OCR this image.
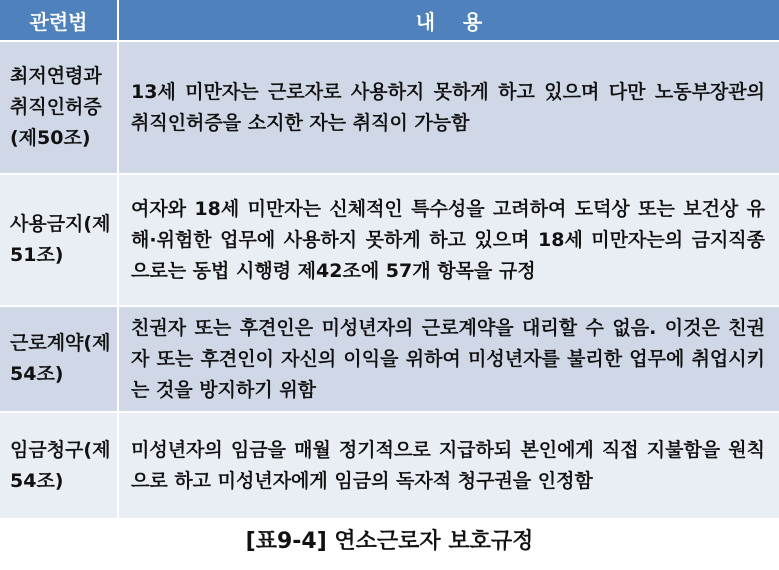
관련법	내    용
최저연령과 취직인허증(제50조)	13세 미만자는 근로자로 사용하지 못하게 하고 있으며 다만 노동부장관의 취직인허증을 소지한 자는 취직이 가능함
사용금지(제51조)	여자와 18세 미만자는 신체적인 특수성을 고려하여 도덕상 또는 보건상 유해·위험한 업무에 사용하지 못하게 하고 있으며 18세 미만자는의 금지직종으로는 동법 시행령 제42조에 57개 항목을 규정
근로계약(제54조)	친권자 또는 후견인은 미성년자의 근로계약을 대리할 수 없음. 이것은 친권자 또는 후견인이 자신의 이익을 위하여 미성년자를 불리한 업무에 취업시키는 것을 방지하기 위함
임금청구(제54조)	미성년자의 임금을 매월 정기적으로 지급하되 본인에게 직접 지불함을 원칙으로 하고 미성년자에게 임금의 독자적 청구권을 인정함
[표9-4] 연소근로자 보호규정
